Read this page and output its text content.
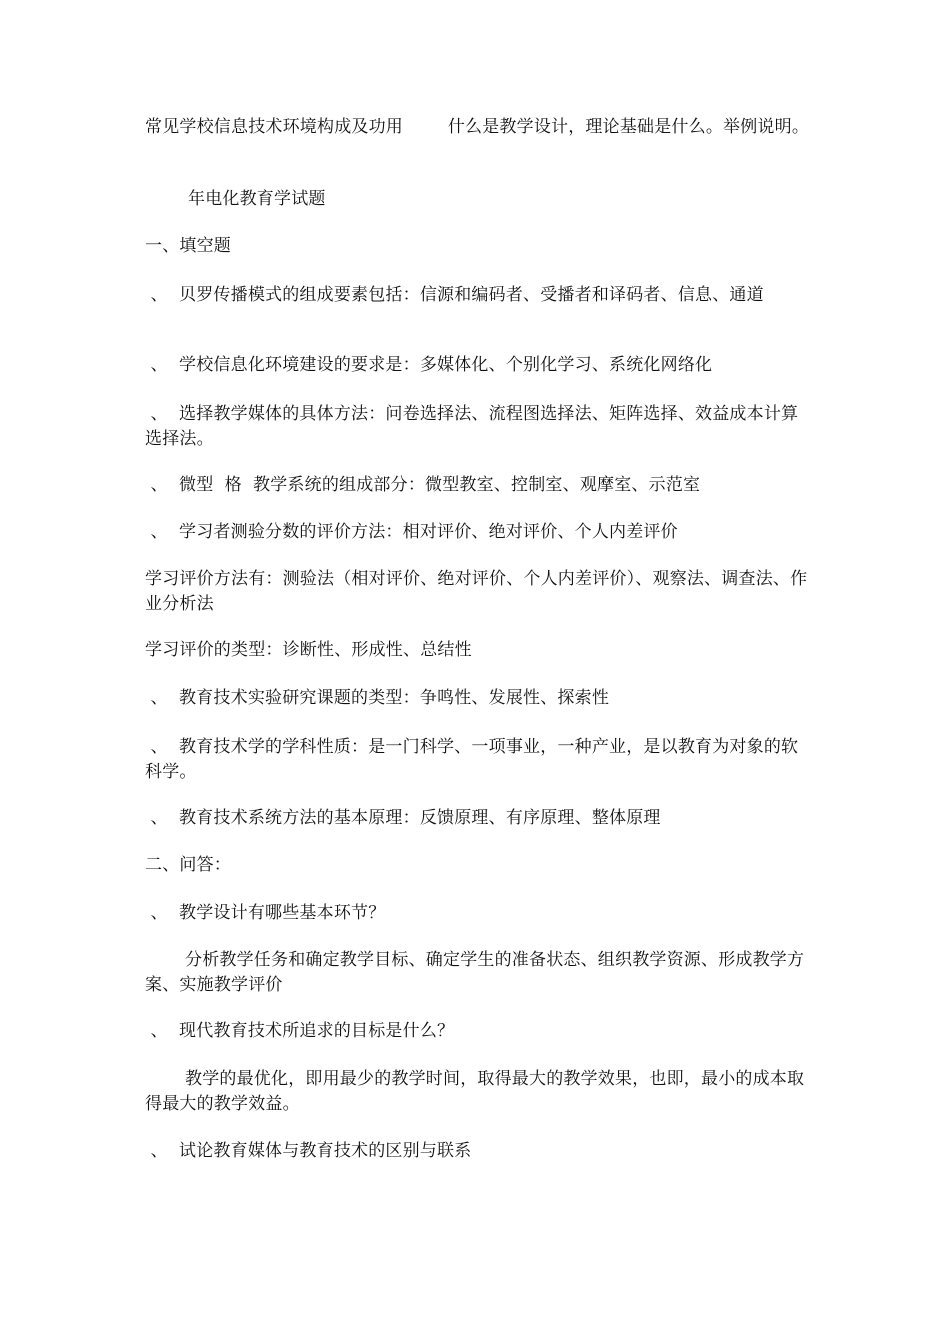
常见学校信息技术环境构成及功用        什么是教学设计，理论基础是什么。举例说明。
年电化教育学试题
一、填空题
、  贝罗传播模式的组成要素包括：信源和编码者、受播者和译码者、信息、通道
、  学校信息化环境建设的要求是：多媒体化、个别化学习、系统化网络化
、  选择教学媒体的具体方法：问卷选择法、流程图选择法、矩阵选择、效益成本计算选择法。
、  微型  格  教学系统的组成部分：微型教室、控制室、观摩室、示范室
、  学习者测验分数的评价方法：相对评价、绝对评价、个人内差评价
学习评价方法有：测验法（相对评价、绝对评价、个人内差评价）、观察法、调查法、作业分析法
学习评价的类型：诊断性、形成性、总结性
、  教育技术实验研究课题的类型：争鸣性、发展性、探索性
、  教育技术学的学科性质：是一门科学、一项事业，一种产业，是以教育为对象的软科学。
、  教育技术系统方法的基本原理：反馈原理、有序原理、整体原理
二、问答：
、  教学设计有哪些基本环节？
分析教学任务和确定教学目标、确定学生的准备状态、组织教学资源、形成教学方案、实施教学评价
、  现代教育技术所追求的目标是什么？
教学的最优化，即用最少的教学时间，取得最大的教学效果，也即，最小的成本取得最大的教学效益。
、  试论教育媒体与教育技术的区别与联系
